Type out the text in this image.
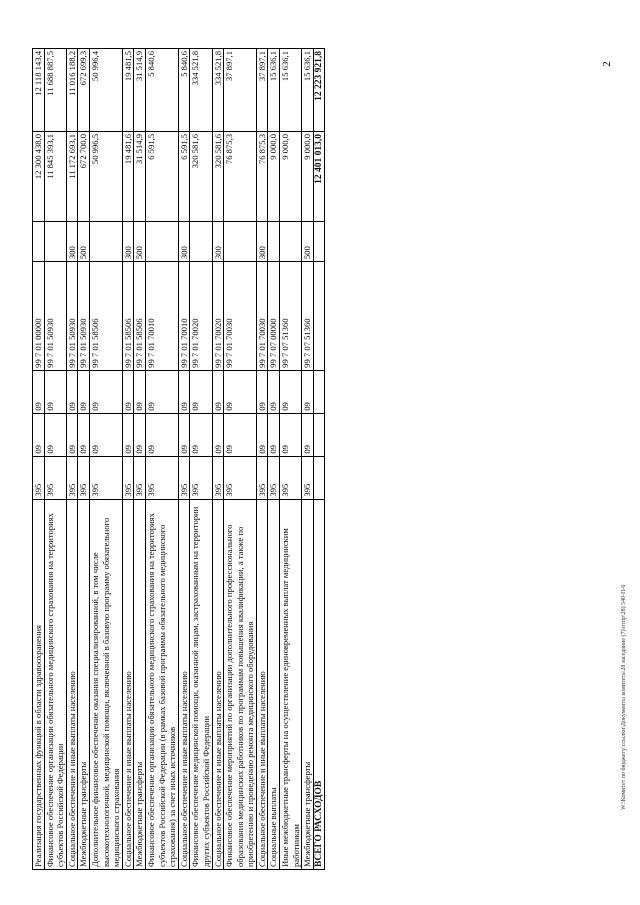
2
W:\Комитет по бюджету\ссылки\Документы комитета\28 заседание (7)\отпр\28) 540-П-6
Реализация государственных функций в области здравоохранения	395	09	09	99 7 01 00000		12 300 438,0	12 118 143,4
Финансовое обеспечение организации обязательного медицинского страхования на территориях субъектов Российской Федерации	395	09	09	99 7 01 50930		11 845 393,1	11 688 887,5
Социальное обеспечение и иные выплаты населению	395	09	09	99 7 01 50930	300	11 172 693,1	11 016 188,2
Межбюджетные трансферты	395	09	09	99 7 01 50930	500	672 700,0	672 699,3
Дополнительное финансовое обеспечение оказания специализированной, в том числе высокотехнологичной, медицинской помощи, включенной в базовую программу обязательного медицинского страхования	395	09	09	99 7 01 58506		50 996,5	50 996,4
Социальное обеспечение и иные выплаты населению	395	09	09	99 7 01 58506	300	19 481,6	19 481,5
Межбюджетные трансферты	395	09	09	99 7 01 58506	500	31 514,9	31 514,9
Финансовое обеспечение организации обязательного медицинского страхования на территориях субъектов Российской Федерации (в рамках базовой программы обязательного медицинского страхования) за счет иных источников	395	09	09	99 7 01 70010		6 591,5	5 840,6
Социальное обеспечение и иные выплаты населению	395	09	09	99 7 01 70010	300	6 591,5	5 840,6
Финансовое обеспечение медицинской помощи, оказанной лицам, застрахованным на территории других субъектов Российской Федерации	395	09	09	99 7 01 70020		320 581,6	334 521,8
Социальное обеспечение и иные выплаты населению	395	09	09	99 7 01 70020	300	320 581,6	334 521,8
Финансовое обеспечение мероприятий по организации дополнительного профессионального образования медицинских работников по программам повышения квалификации, а также по приобретению и проведению ремонта медицинского оборудования	395	09	09	99 7 01 70030		76 875,3	37 897,1
Социальное обеспечение и иные выплаты населению	395	09	09	99 7 01 70030	300	76 875,3	37 897,1
Социальные выплаты	395	09	09	99 7 07 00000		9 000,0	15 636,1
Иные межбюджетные трансферты на осуществление единовременных выплат медицинским работникам	395	09	09	99 7 07 51360		9 000,0	15 636,1
Межбюджетные трансферты	395	09	09	99 7 07 51360	500	9 000,0	15 636,1
ВСЕГО РАСХОДОВ						12 401 013,0	12 223 921,8
